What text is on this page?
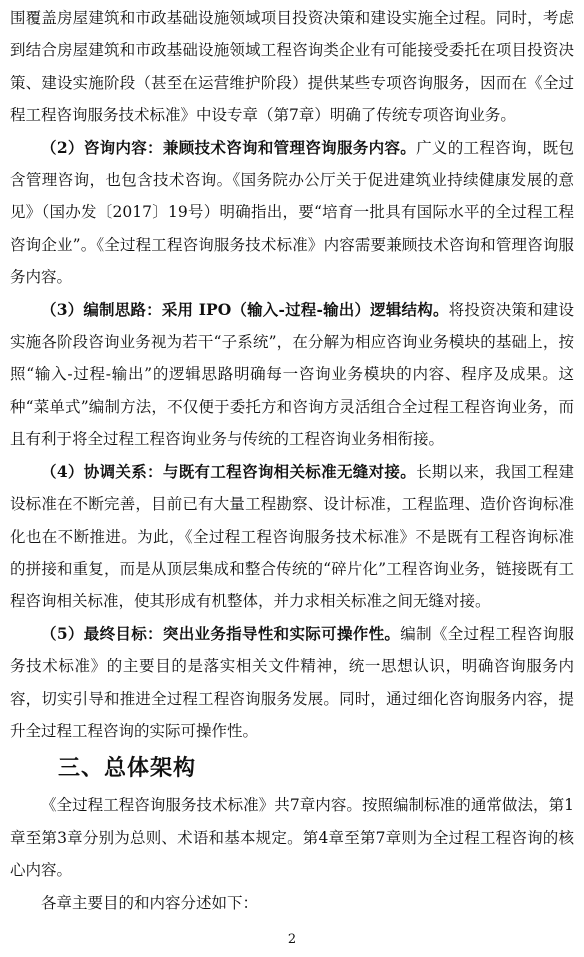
围覆盖房屋建筑和市政基础设施领域项目投资决策和建设实施全过程。同时，考虑到结合房屋建筑和市政基础设施领域工程咨询类企业有可能接受委托在项目投资决策、建设实施阶段（甚至在运营维护阶段）提供某些专项咨询服务，因而在《全过程工程咨询服务技术标准》中设专章（第7章）明确了传统专项咨询业务。

（2）咨询内容：兼顾技术咨询和管理咨询服务内容。广义的工程咨询，既包含管理咨询，也包含技术咨询。《国务院办公厅关于促进建筑业持续健康发展的意见》（国办发〔2017〕19号）明确指出，要“培育一批具有国际水平的全过程工程咨询企业”。《全过程工程咨询服务技术标准》内容需要兼顾技术咨询和管理咨询服务内容。

（3）编制思路：采用 IPO（输入-过程-输出）逻辑结构。将投资决策和建设实施各阶段咨询业务视为若干“子系统”，在分解为相应咨询业务模块的基础上，按照“输入-过程-输出”的逻辑思路明确每一咨询业务模块的内容、程序及成果。这种“菜单式”编制方法，不仅便于委托方和咨询方灵活组合全过程工程咨询业务，而且有利于将全过程工程咨询业务与传统的工程咨询业务相衔接。

（4）协调关系：与既有工程咨询相关标准无缝对接。长期以来，我国工程建设标准在不断完善，目前已有大量工程勘察、设计标准，工程监理、造价咨询标准化也在不断推进。为此，《全过程工程咨询服务技术标准》不是既有工程咨询标准的拼接和重复，而是从顶层集成和整合传统的“碎片化”工程咨询业务，链接既有工程咨询相关标准，使其形成有机整体，并力求相关标准之间无缝对接。

（5）最终目标：突出业务指导性和实际可操作性。编制《全过程工程咨询服务技术标准》的主要目的是落实相关文件精神，统一思想认识，明确咨询服务内容，切实引导和推进全过程工程咨询服务发展。同时，通过细化咨询服务内容，提升全过程工程咨询的实际可操作性。

三、总体架构

《全过程工程咨询服务技术标准》共7章内容。按照编制标准的通常做法，第1章至第3章分别为总则、术语和基本规定。第4章至第7章则为全过程工程咨询的核心内容。

各章主要目的和内容分述如下：

2
